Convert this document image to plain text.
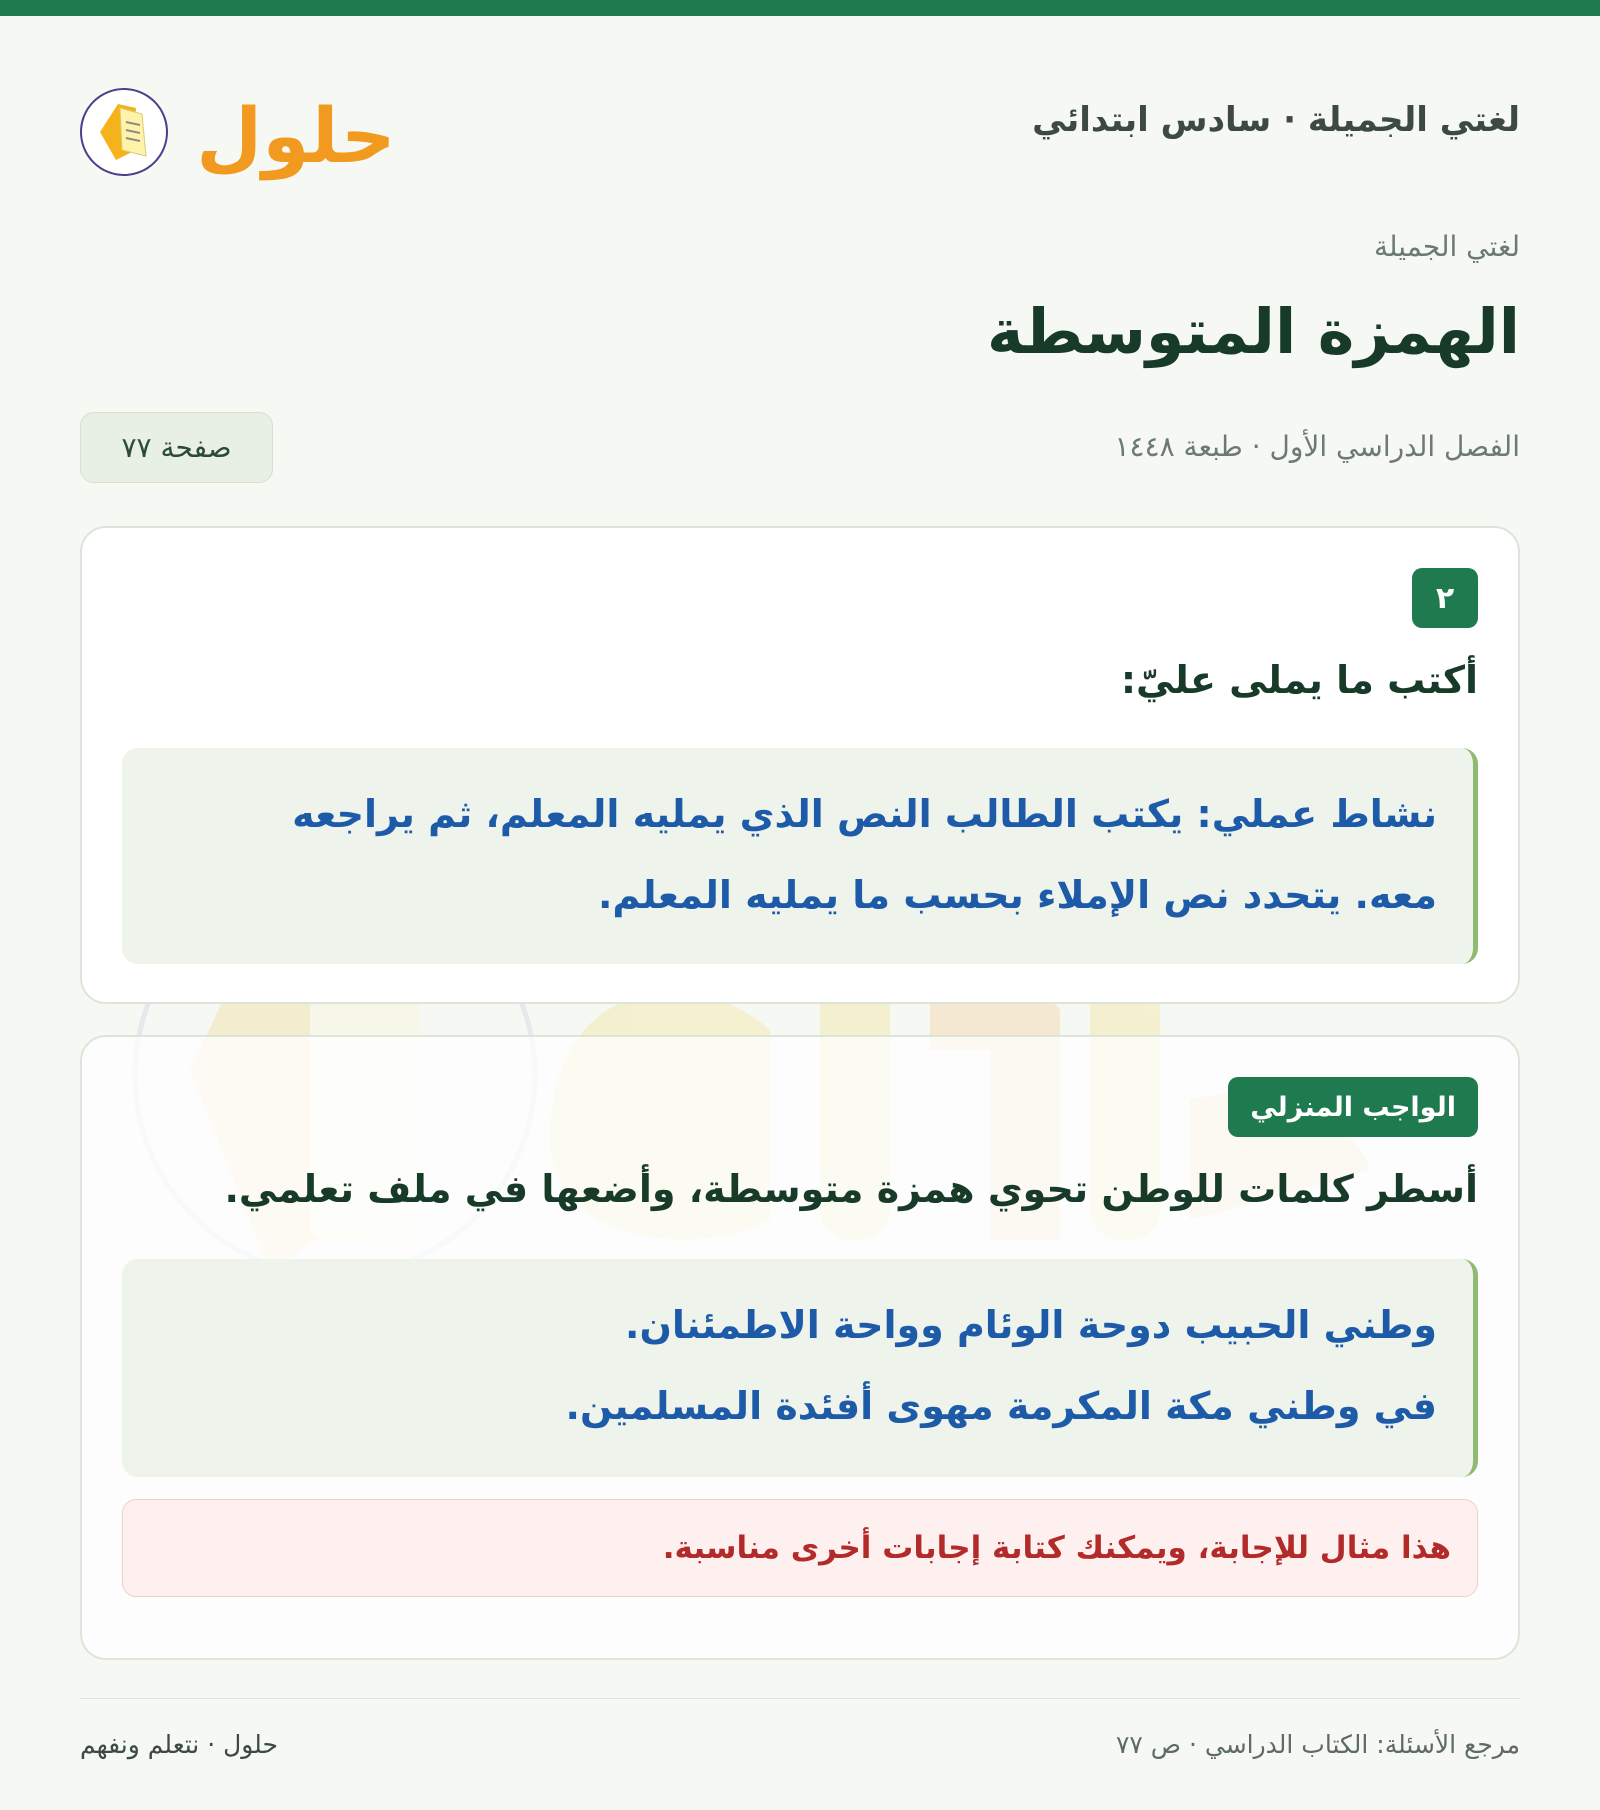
لغتي الجميلة · سادس ابتدائي
حلول
لغتي الجميلة
الهمزة المتوسطة
الفصل الدراسي الأول · طبعة ١٤٤٨
صفحة ٧٧
٢
أكتب ما يملى عليّ:
نشاط عملي: يكتب الطالب النص الذي يمليه المعلم، ثم يراجعه
معه. يتحدد نص الإملاء بحسب ما يمليه المعلم.
الواجب المنزلي
أسطر كلمات للوطن تحوي همزة متوسطة، وأضعها في ملف تعلمي.
وطني الحبيب دوحة الوئام وواحة الاطمئنان.
في وطني مكة المكرمة مهوى أفئدة المسلمين.
هذا مثال للإجابة، ويمكنك كتابة إجابات أخرى مناسبة.
مرجع الأسئلة: الكتاب الدراسي · ص ٧٧
حلول · نتعلم ونفهم
